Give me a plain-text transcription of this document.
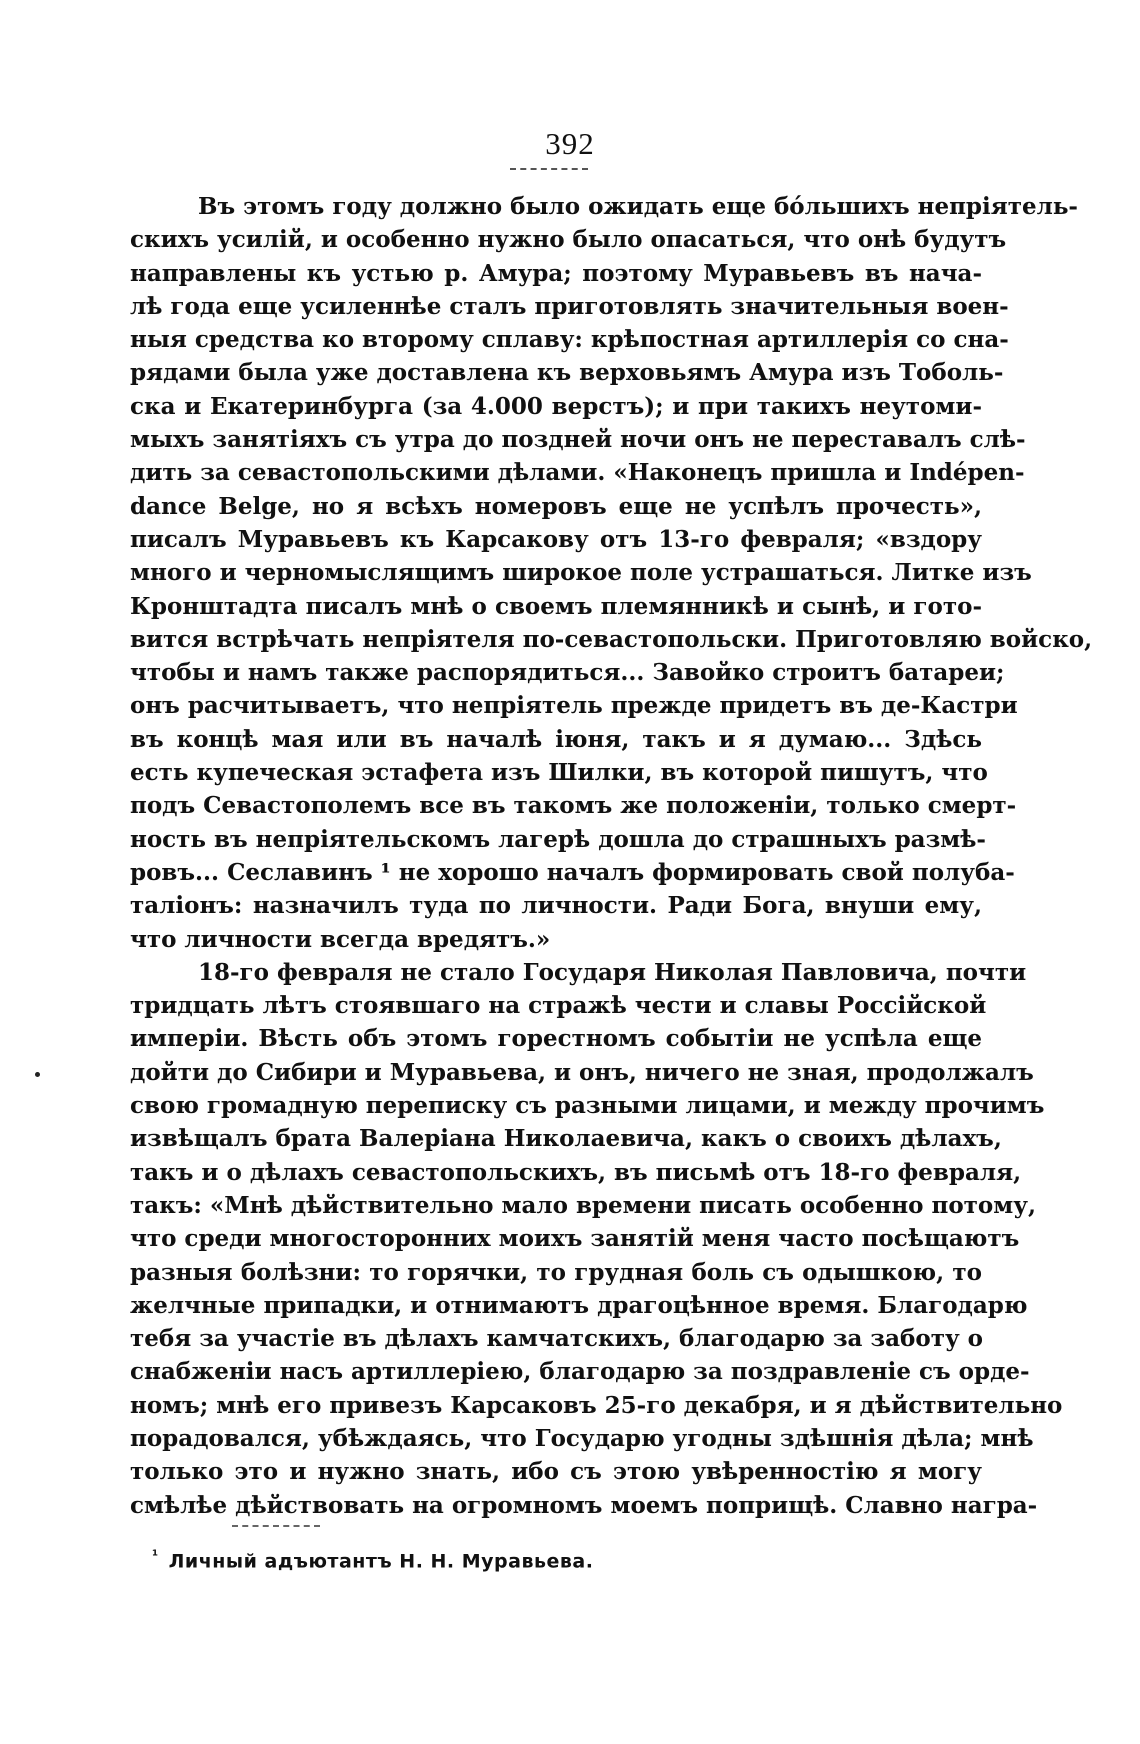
392
Въ этомъ году должно было ожидать еще бо́льшихъ непріятель-
скихъ усилій, и особенно нужно было опасаться, что онѣ будутъ
направлены къ устью р. Амура; поэтому Муравьевъ въ нача-
лѣ года еще усиленнѣе сталъ приготовлять значительныя воен-
ныя средства ко второму сплаву: крѣпостная артиллерія со сна-
рядами была уже доставлена къ верховьямъ Амура изъ Тоболь-
ска и Екатеринбурга (за 4.000 верстъ); и при такихъ неутоми-
мыхъ занятіяхъ съ утра до поздней ночи онъ не переставалъ слѣ-
дить за севастопольскими дѣлами. «Наконецъ пришла и Indépen-
dance Belge, но я всѣхъ номеровъ еще не успѣлъ прочесть»,
писалъ Муравьевъ къ Карсакову отъ 13-го февраля; «вздору
много и черномыслящимъ широкое поле устрашаться. Литке изъ
Кронштадта писалъ мнѣ о своемъ племянникѣ и сынѣ, и гото-
вится встрѣчать непріятеля по-севастопольски. Приготовляю войско,
чтобы и намъ также распорядиться... Завойко строитъ батареи;
онъ расчитываетъ, что непріятель прежде придетъ въ де-Кастри
въ концѣ мая или въ началѣ іюня, такъ и я думаю... Здѣсь
есть купеческая эстафета изъ Шилки, въ которой пишутъ, что
подъ Севастополемъ все въ такомъ же положеніи, только смерт-
ность въ непріятельскомъ лагерѣ дошла до страшныхъ размѣ-
ровъ... Сеславинъ ¹ не хорошо началъ формировать свой полуба-
таліонъ: назначилъ туда по личности. Ради Бога, внуши ему,
что личности всегда вредятъ.»
18-го февраля не стало Государя Николая Павловича, почти
тридцать лѣтъ стоявшаго на стражѣ чести и славы Россійской
имперіи. Вѣсть объ этомъ горестномъ событіи не успѣла еще
дойти до Сибири и Муравьева, и онъ, ничего не зная, продолжалъ
свою громадную переписку съ разными лицами, и между прочимъ
извѣщалъ брата Валеріана Николаевича, какъ о своихъ дѣлахъ,
такъ и о дѣлахъ севастопольскихъ, въ письмѣ отъ 18-го февраля,
такъ: «Мнѣ дѣйствительно мало времени писать особенно потому,
что среди многосторонних моихъ занятій меня часто посѣщаютъ
разныя болѣзни: то горячки, то грудная боль съ одышкою, то
желчные припадки, и отнимаютъ драгоцѣнное время. Благодарю
тебя за участіе въ дѣлахъ камчатскихъ, благодарю за заботу о
снабженіи насъ артиллеріею, благодарю за поздравленіе съ орде-
номъ; мнѣ его привезъ Карсаковъ 25-го декабря, и я дѣйствительно
порадовался, убѣждаясь, что Государю угодны здѣшнія дѣла; мнѣ
только это и нужно знать, ибо съ этою увѣренностію я могу
смѣлѣе дѣйствовать на огромномъ моемъ поприщѣ. Славно награ-
$^{^1}$ Личный адъютантъ Н. Н. Муравьева.
